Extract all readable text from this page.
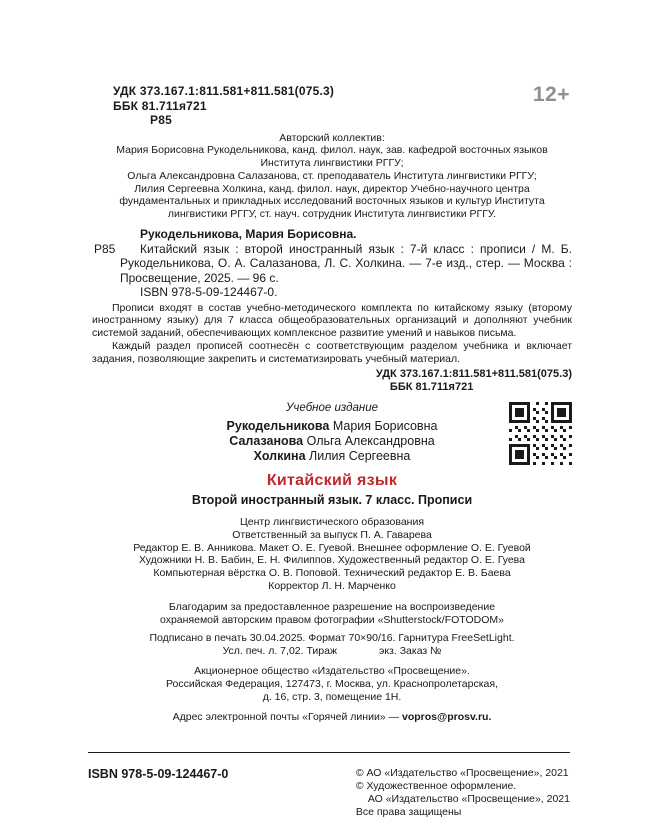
УДК 373.167.1:811.581+811.581(075.3)
ББК 81.711я721
Р85
12+
Авторский коллектив:
Мария Борисовна Рукодельникова, канд. филол. наук, зав. кафедрой восточных языков
Института лингвистики РГГУ;
Ольга Александровна Салазанова, ст. преподаватель Института лингвистики РГГУ;
Лилия Сергеевна Холкина, канд. филол. наук, директор Учебно-научного центра
фундаментальных и прикладных исследований восточных языков и культур Института
лингвистики РГГУ, ст. науч. сотрудник Института лингвистики РГГУ.
Р85

Рукодельникова, Мария Борисовна.

Китайский язык : второй иностранный язык : 7-й класс : прописи / М. Б. Рукодельникова, О. А. Салазанова, Л. С. Холкина. — 7-е изд., стер. — Москва : Просвещение, 2025. — 96 с.

ISBN 978-5-09-124467-0.

Прописи входят в состав учебно-методического комплекта по китайскому языку (второму иностранному языку) для 7 класса общеобразовательных организаций и дополняют учебник системой заданий, обеспечивающих комплексное развитие умений и навыков письма.

Каждый раздел прописей соотнесён с соответствующим разделом учебника и включает задания, позволяющие закрепить и систематизировать учебный материал.

УДК 373.167.1:811.581+811.581(075.3)
ББК 81.711я721

Учебное издание

Рукодельникова Мария Борисовна
Салазанова Ольга Александровна
Холкина Лилия Сергеевна
Китайский язык
Второй иностранный язык. 7 класс. Прописи
Центр лингвистического образования
Ответственный за выпуск П. А. Гаварева
Редактор Е. В. Анникова. Макет О. Е. Гуевой. Внешнее оформление О. Е. Гуевой
Художники Н. В. Бабин, Е. Н. Филиппов. Художественный редактор О. Е. Гуева
Компьютерная вёрстка О. В. Поповой. Технический редактор Е. В. Баева
Корректор Л. Н. Марченко
Благодарим за предоставленное разрешение на воспроизведение
охраняемой авторским правом фотографии «Shutterstock/FOTODOM»
Подписано в печать 30.04.2025. Формат 70×90/16. Гарнитура FreeSetLight.
Усл. печ. л. 7,02. Тираж	экз. Заказ №
Акционерное общество «Издательство «Просвещение».
Российская Федерация, 127473, г. Москва, ул. Краснопролетарская,
д. 16, стр. 3, помещение 1Н.
Адрес электронной почты «Горячей линии» — vopros@prosv.ru.
ISBN 978-5-09-124467-0	© АО «Издательство «Просвещение», 2021
© Художественное оформление.
АО «Издательство «Просвещение», 2021
Все права защищены
